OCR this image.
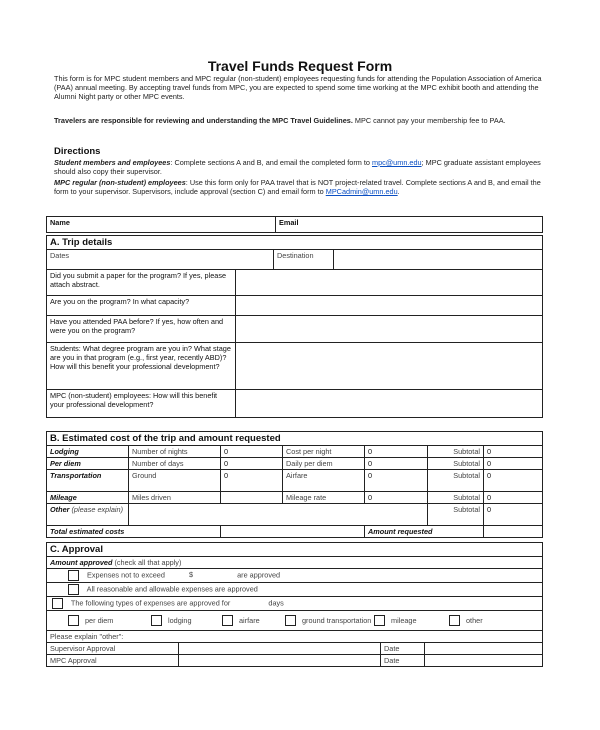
Travel Funds Request Form
This form is for MPC student members and MPC regular (non-student) employees requesting funds for attending the Population Association of America (PAA) annual meeting. By accepting travel funds from MPC, you are expected to spend some time working at the MPC exhibit booth and attending the Alumni Night party or other MPC events.
Travelers are responsible for reviewing and understanding the MPC Travel Guidelines. MPC cannot pay your membership fee to PAA.
Directions
Student members and employees: Complete sections A and B, and email the completed form to mpc@umn.edu; MPC graduate assistant employees should also copy their supervisor.
MPC regular (non-student) employees: Use this form only for PAA travel that is NOT project-related travel. Complete sections A and B, and email the form to your supervisor. Supervisors, include approval (section C) and email form to MPCadmin@umn.edu.
Name	Email
A. Trip details			
Dates		Destination	
Did you submit a paper for the program? If yes, please attach abstract.			
Are you on the program? In what capacity?			
Have you attended PAA before? If yes, how often and were you on the program?			
Students: What degree program are you in? What stage are you in that program (e.g., first year, recently ABD)? How will this benefit your professional development?			
MPC (non-student) employees: How will this benefit your professional development?			
B. Estimated cost of the trip and amount requested						
Lodging	Number of nights	0	Cost per night	0	Subtotal	0
Per diem	Number of days	0	Daily per diem	0	Subtotal	0
Transportation	Ground	0	Airfare	0	Subtotal	0
Mileage	Miles driven		Mileage rate	0	Subtotal	0
Other (please explain)					Subtotal	0
Total estimated costs				Amount requested		
C. Approval			
Amount approved (check all that apply)			
Expenses not to exceed $ are approved			
All reasonable and allowable expenses are approved			
The following types of expenses are approved for days			
per diem lodging airfare ground transportation mileage other			
Please explain "other":			
Supervisor Approval		Date	
MPC Approval		Date	
